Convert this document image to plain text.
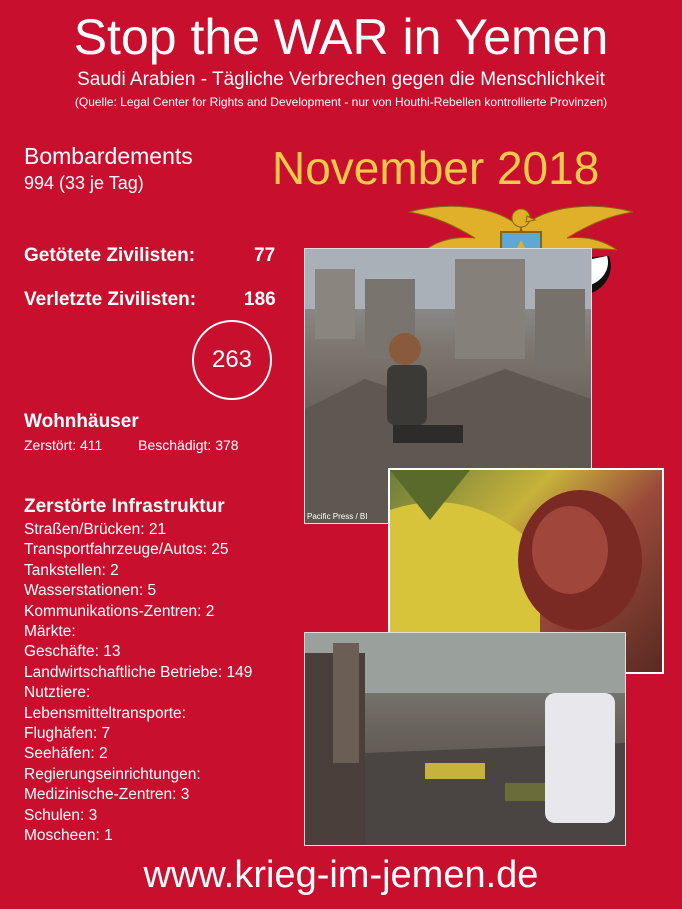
Stop the WAR in Yemen
Saudi Arabien - Tägliche Verbrechen gegen die Menschlichkeit
(Quelle: Legal Center for Rights and Development - nur von Houthi-Rebellen kontrollierte Provinzen)
Bombardements
994 (33 je Tag)	November 2018
Getötete Zivilisten:	77
Verletzte Zivilisten:	186
263
Wohnhäuser
Zerstört: 411	Beschädigt: 378
Zerstörte Infrastruktur
Straßen/Brücken: 21
Transportfahrzeuge/Autos: 25
Tankstellen: 2
Wasserstationen: 5
Kommunikations-Zentren: 2
Märkte:
Geschäfte: 13
Landwirtschaftliche Betriebe: 149
Nutztiere:
Lebensmitteltransporte:
Flughäfen: 7
Seehäfen: 2
Regierungseinrichtungen:
Medizinische-Zentren: 3
Schulen: 3
Moscheen: 1
Pacific Press / BI
www.krieg-im-jemen.de
